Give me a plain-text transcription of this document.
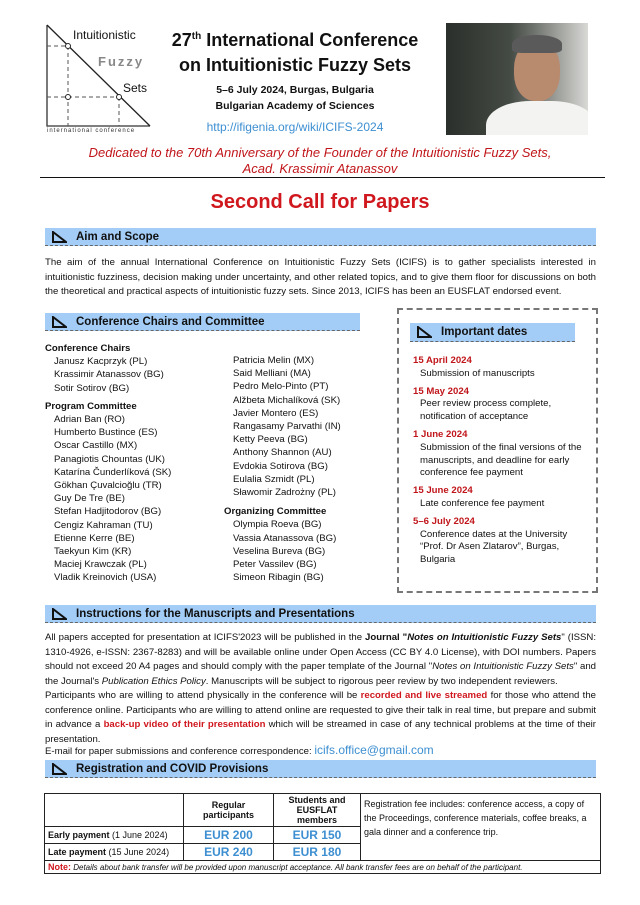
Intuitionistic
Fuzzy
Sets
international conference
27th International Conference
on Intuitionistic Fuzzy Sets
5–6 July 2024, Burgas, Bulgaria
Bulgarian Academy of Sciences
http://ifigenia.org/wiki/ICIFS-2024
Dedicated to the 70th Anniversary of the Founder of the Intuitionistic Fuzzy Sets,
Acad. Krassimir Atanassov
Second Call for Papers
Aim and Scope
The aim of the annual International Conference on Intuitionistic Fuzzy Sets (ICIFS) is to gather specialists interested in intuitionistic fuzziness, decision making under uncertainty, and other related topics, and to give them floor for discussions on both the theoretical and practical aspects of intuitionistic fuzzy sets. Since 2013, ICIFS has been an EUSFLAT endorsed event.
Conference Chairs and Committee
Conference Chairs
Janusz Kacprzyk (PL)
Krassimir Atanassov (BG)
Sotir Sotirov (BG)
Program Committee
Adrian Ban (RO)
Humberto Bustince (ES)
Oscar Castillo (MX)
Panagiotis Chountas (UK)
Katarína Čunderlíková (SK)
Gökhan Çuvalcioğlu (TR)
Guy De Tre (BE)
Stefan Hadjitodorov (BG)
Cengiz Kahraman (TU)
Etienne Kerre (BE)
Taekyun Kim (KR)
Maciej Krawczak (PL)
Vladik Kreinovich (USA)
Patricia Melin (MX)
Said Melliani (MA)
Pedro Melo-Pinto (PT)
Alžbeta Michalíková (SK)
Javier Montero (ES)
Rangasamy Parvathi (IN)
Ketty Peeva (BG)
Anthony Shannon (AU)
Evdokia Sotirova (BG)
Eulalia Szmidt (PL)
Sławomir Zadrożny (PL)
Organizing Committee
Olympia Roeva (BG)
Vassia Atanassova (BG)
Veselina Bureva (BG)
Peter Vassilev (BG)
Simeon Ribagin (BG)
Important dates
15 April 2024
Submission of manuscripts
15 May 2024
Peer review process complete, notification of acceptance
1 June 2024
Submission of the final versions of the manuscripts, and deadline for early conference fee payment
15 June 2024
Late conference fee payment
5–6 July 2024
Conference dates at the University “Prof. Dr Asen Zlatarov”, Burgas, Bulgaria
Instructions for the Manuscripts and Presentations
All papers accepted for presentation at ICIFS'2023 will be published in the Journal "Notes on Intuitionistic Fuzzy Sets" (ISSN: 1310-4926, e-ISSN: 2367-8283) and will be available online under Open Access (CC BY 4.0 License), with DOI numbers. Papers should not exceed 20 A4 pages and should comply with the paper template of the Journal "Notes on Intuitionistic Fuzzy Sets" and the Journal's Publication Ethics Policy. Manuscripts will be subject to rigorous peer review by two independent reviewers.
Participants who are willing to attend physically in the conference will be recorded and live streamed for those who attend the conference online. Participants who are willing to attend online are requested to give their talk in real time, but prepare and submit in advance a back-up video of their presentation which will be streamed in case of any technical problems at the time of their presentation.
E-mail for paper submissions and conference correspondence: icifs.office@gmail.com
Registration and COVID Provisions
	Regular participants	Students and EUSFLAT members	Registration fee includes: conference access, a copy of the Proceedings, conference materials, coffee breaks, a gala dinner and a conference trip.
Early payment (1 June 2024)	EUR 200	EUR 150	
Late payment (15 June 2024)	EUR 240	EUR 180	
Note: Details about bank transfer will be provided upon manuscript acceptance. All bank transfer fees are on behalf of the participant.			
